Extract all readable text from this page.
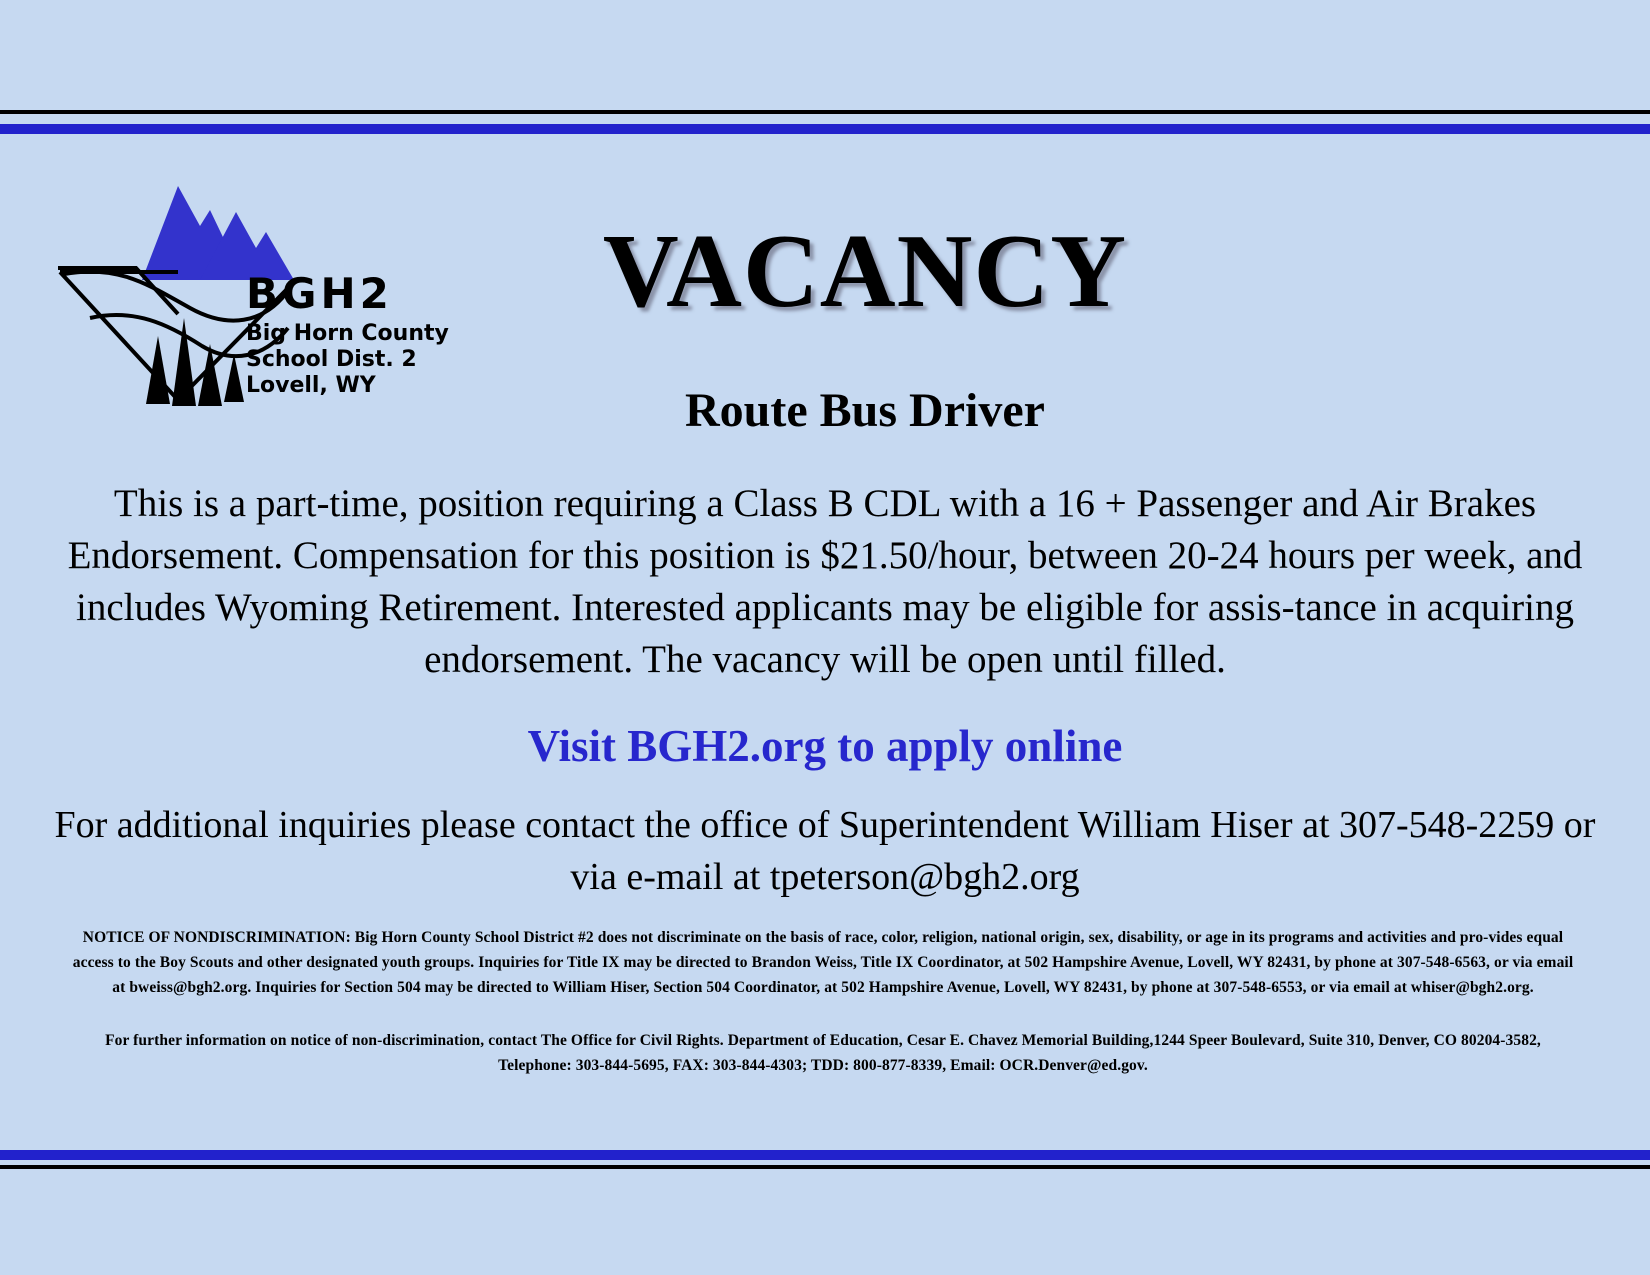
BGH2
Big Horn County
School Dist. 2
Lovell, WY
VACANCY
Route Bus Driver
This is a part-time, position requiring a Class B CDL with a 16 + Passenger and Air Brakes Endorsement. Compensation for this position is $21.50/hour, between 20-24 hours per week, and includes Wyoming Retirement. Interested applicants may be eligible for assis-tance in acquiring endorsement. The vacancy will be open until filled.
Visit BGH2.org to apply online
For additional inquiries please contact the office of Superintendent William Hiser at 307-548-2259 or via e-mail at tpeterson@bgh2.org
NOTICE OF NONDISCRIMINATION: Big Horn County School District #2 does not discriminate on the basis of race, color, religion, national origin, sex, disability, or age in its programs and activities and pro-vides equal access to the Boy Scouts and other designated youth groups. Inquiries for Title IX may be directed to Brandon Weiss, Title IX Coordinator, at 502 Hampshire Avenue, Lovell, WY 82431, by phone at 307-548-6563, or via email at bweiss@bgh2.org. Inquiries for Section 504 may be directed to William Hiser, Section 504 Coordinator, at 502 Hampshire Avenue, Lovell, WY 82431, by phone at 307-548-6553, or via email at whiser@bgh2.org.
For further information on notice of non-discrimination, contact The Office for Civil Rights. Department of Education, Cesar E. Chavez Memorial Building,1244 Speer Boulevard, Suite 310, Denver, CO 80204-3582, Telephone: 303-844-5695, FAX: 303-844-4303; TDD: 800-877-8339, Email: OCR.Denver@ed.gov.
